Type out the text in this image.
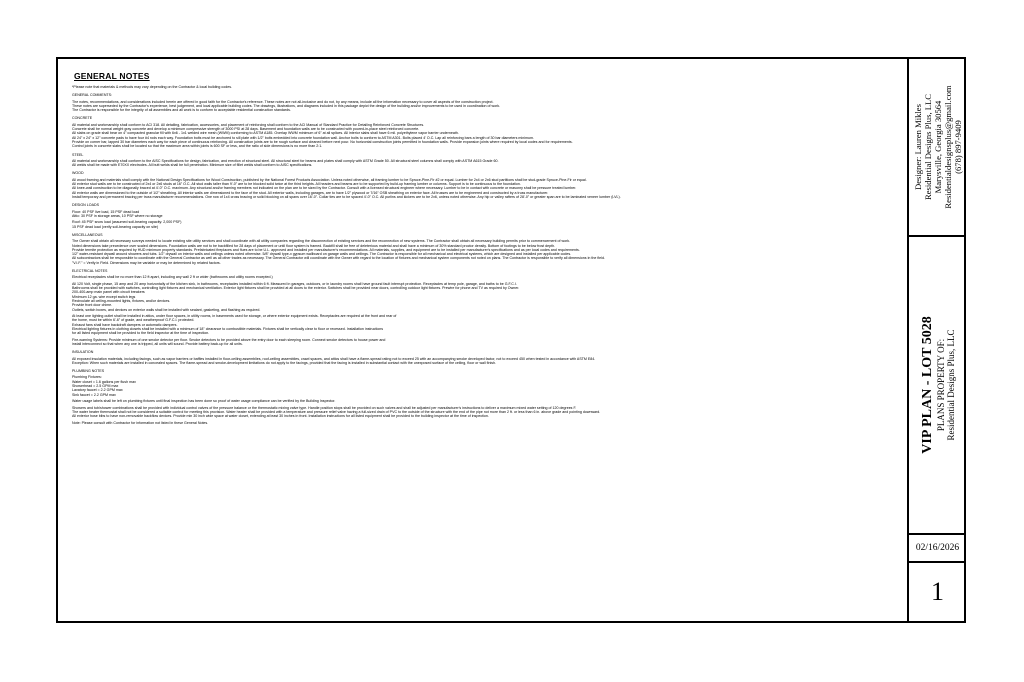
GENERAL NOTES
*Please note that materials & methods may vary depending on the Contractor & local building codes.
GENERAL COMMENTS:
The notes, recommendations, and considerations included herein are offered in good faith for the Contractor's reference. These notes are not all-inclusive and do not, by any means, include all the information necessary to cover all aspects of the construction project.
These notes are superseded by the Contractor's experience, best judgement, and local applicable building codes. The drawings, illustrations, and diagrams included in this package depict the design of the building and/or improvements to be used in coordination of work.
The Contractor is responsible for the integrity of all assemblies and all work is to conform to acceptable residential construction standards.
CONCRETE
All material and workmanship shall conform to ACI 318. All detailing, fabrication, accessories, and placement of reinforcing shall conform to the ACI Manual of Standard Practice for Detailing Reinforced Concrete Structures.
Concrete shall be normal weight gray concrete and develop a minimum compressive strength of 3000 PSI at 28 days. Basement and foundation walls are to be constructed with poured-in-place steel reinforced concrete.
All slabs on grade shall bear on 4" compacted granular fill with 6x6 - 1x1 welded wire mesh (WWM) conforming to ASTM A185. Overlap WWM minimum of 6" at all splices. All interior slabs shall have 6 mil. polyethylene vapor barrier underneath.
All 24" x 24" x 12" concrete pads to have four #4 rods each way. Foundation bolts must be anchored to sill plate with 1/2" bolts embedded into concrete foundation wall. Anchor bolts to conform to ASTM A301. Bolts placed 4' O.C. Lap all reinforcing bars a length of 30 bar diameters minimum.
Provide on corner bar, lapped 30 bar diameters each way for each piece of continuous reinforcing. All construction joints are to be rough surface and cleaned before next pour. No horizontal construction joints permitted in foundation walls. Provide expansion joints where required by local codes and for requirements.
Control joints in concrete slabs shall be located so that the maximum area within joints is 600 SF or less, and the ratio of side dimensions is no more than 2:1.
STEEL
All material and workmanship shall conform to the AISC Specifications for design, fabrication, and erection of structural steel. All structural steel for beams and plates shall comply with ASTM Grade 50. All structural steel columns shall comply with ASTM A615 Grade 60.
All welds shall be made with E70XX electrodes. All butt welds shall be full penetration. Minimum size of fillet welds shall conform to AISC specifications.
WOOD
All wood framing and materials shall comply with the National Design Specifications for Wood Construction, published by the National Forest Products Association. Unless noted otherwise, all framing lumber to be Spruce-Pine-Fir #2 or equal. Lumber for 2x4 or 2x6 stud partitions shall be stud-grade Spruce-Pine-Fir or equal.
All exterior stud walls are to be constructed of 2x4 or 2x6 studs at 16" O.C. All stud walls taller than 9'-0" are to be blocked solid twice at the third heights. All headers and beams are to be supported by build-up framing lumber or columns. Support is to be continuous to the foundation.
All knee-wall construction to be diagonally braced at 4'-0" O.C. maximum. Any structural and/or framing members not indicated on the plan are to be sized by the Contractor. Consult with a licensed structural engineer where necessary. Lumber to be in contact with concrete or masonry shall be pressure treated lumber.
All exterior walls are dimensioned to the outside of 1/2" sheathing. All interior walls are dimensioned to the face of the stud. All exterior walls, including garages, are to have 1/2" plywood or 7/16" OSB sheathing on exterior face. All trusses are to be engineered and constructed by a truss manufacturer.
Install temporary and permanent bracing per truss manufacturer recommendations. One row of 1x4 cross bracing or solid blocking on all spans over 16'-0". Collar ties are to be spaced 4'-0" O.C. All purlins and kickers are to be 2x6, unless noted otherwise. Any hip or valley rafters of 28'-0" or greater span are to be laminated veneer lumber (LVL).
DESIGN LOADS
Floor: 40 PSF live load, 15 PSF dead load
Attic: 30 PSF in storage areas, 10 PSF where no storage
Roof: 45 PSF snow load (assumed soil-bearing capacity: 2,000 PSF)
15 PSF dead load (verify soil-bearing capacity on site)
MISCELLANEOUS
The Owner shall obtain all necessary surveys needed to locate existing site utility services and shall coordinate with all utility companies regarding the disconnection of existing services and the reconnection of new systems. The Contractor shall obtain all necessary building permits prior to commencement of work.
Noted dimensions take precedence over scaled dimensions. Foundation walls are not to be backfilled for 28 days of placement or until floor system is framed. Backfill shall be free of deleterious material and shall have a minimum of 30% standard proctor density. Bottom of footings to be below frost depth.
Provide termite protection as required by HUD minimum property standards. Prefabricated fireplaces and flues are to be U.L. approved and installed per manufacturer's recommendations. All materials, supplies, and equipment are to be installed per manufacturer's specifications and as per local codes and requirements.
1/2" water-resistant drywall around showers and tubs. 1/2" drywall on interior walls and ceilings unless noted otherwise. 5/8" drywall type-x gypsum wallboard on garage walls and ceilings. The Contractor is responsible for all mechanical and electrical systems, which are designed and installed per applicable codes.
All subcontractors shall be responsible to coordinate with the General Contractor as well as all other trades as necessary. The General Contractor will coordinate with the Owner with regard to the location of fixtures and mechanical system components not noted on plans. The Contractor is responsible to verify all dimensions in the field.
"V.I.F." = Verify in Field. Dimensions may be variable or may be determined by related factors.
ELECTRICAL NOTES
Electrical receptacles shall be no more than 12 ft apart, including any wall 2 ft or wider (bathrooms and utility rooms excepted.)
All 120 Volt, single phase, 15 amp and 20 amp horizontally of the kitchen sink, in bathrooms, receptacles installed within 6 ft. Measured in garages, outdoors, or in laundry rooms shall have ground fault interrupt protection. Receptacles at temp pole, garage, and baths to be G.F.C.I.
Bathrooms shall be provided with switches, controlling light fixtures and mechanical ventilation. Exterior light fixtures shall be provided at all doors to the exterior. Switches shall be provided near doors, controlling outdoor light fixtures. Prewire for phone and TV as required by Owner.
200-400-amp main panel with circuit breakers
Minimum 12 ga. wire except switch legs
Recirculate all ceiling-mounted lights, fixtures, and/or devices.
Provide front door chime.
Outlets, switch boxes, and devices on exterior walls shall be installed with sealant, gasketing, and flashing as required.
At least one lighting outlet shall be installed in attics, under floor spaces, in utility rooms, in basements used for storage, or where exterior equipment exists. Receptacles are required at the front and rear of
the home, must be within 6'-6" of grade, and weatherproof G.F.C.I. protected.
Exhaust fans shall have backdraft dampers or automatic dampers.
Electrical lighting fixtures in clothing closets shall be installed with a minimum of 18" clearance to combustible materials. Fixtures shall be vertically clear to floor or recessed. Installation instructions
for all listed equipment shall be provided to the field inspector at the time of inspection.
Fire-warning Systems: Provide minimum of one smoke detector per floor. Smoke detectors to be provided above the entry door to each sleeping room. Connect smoke detectors to house power and
install interconnect so that when any one is tripped, all units will sound. Provide battery back-up for all units.
INSULATION
All exposed insulation materials, including facings, such as vapor barriers or baffles installed in floor-ceiling assemblies, roof-ceiling assemblies, crawl spaces, and attics shall have a flame-spread rating not to exceed 25 with an accompanying smoke developed factor, not to exceed 450 when tested in accordance with ASTM E84.
Exception: When such materials are installed in concealed spaces. The flame-spread and smoke-development limitations do not apply to the facings, provided that the facing is installed in substantial contact with the unexposed surface of the ceiling, floor or wall finish.
PLUMBING NOTES
Plumbing Fixtures:
Water closet = 1.6 gallons per flush max
Showerhead = 2.5 GPM max
Lavatory faucet = 2.2 GPM max
Sink faucet = 2.2 GPM max
Water usage labels shall be left on plumbing fixtures until final inspection has been done so proof of water usage compliance can be verified by the Building Inspector.
Showers and tub/shower combinations shall be provided with individual control valves of the pressure balance or the thermostatic mixing valve type. Handle position stops shall be provided on such valves and shall be adjusted per manufacturer's instructions to deliver a maximum mixed water setting of 120 degrees F.
The water heater thermostat shall not be considered a suitable control for meeting this provision. Water heater shall be provided with a temperature and pressure relief valve having a full-sized drain of PVC to the outside of the structure with the end of the pipe not more than 2 ft. or less than 6 in. above grade and pointing downward.
All exterior hose bibs to have non-removable backflow devices. Provide min 30 inch wide space at water closet, extending at least 30 inches in front. Installation instructions for all listed equipment shall be provided to the building inspector at the time of inspection.
Note: Please consult with Contractor for information not listed in these General Notes.
Designer: Lauren Mikles Residential Designs Plus, LLC Marysville, Georgia 30564 Residentialdesignsplus@gmail.com (678) 897-9409
VIP PLAN - LOT 5028 PLANS PROPERTY OF: Residential Designs Plus, LLC
02/16/2026
1
